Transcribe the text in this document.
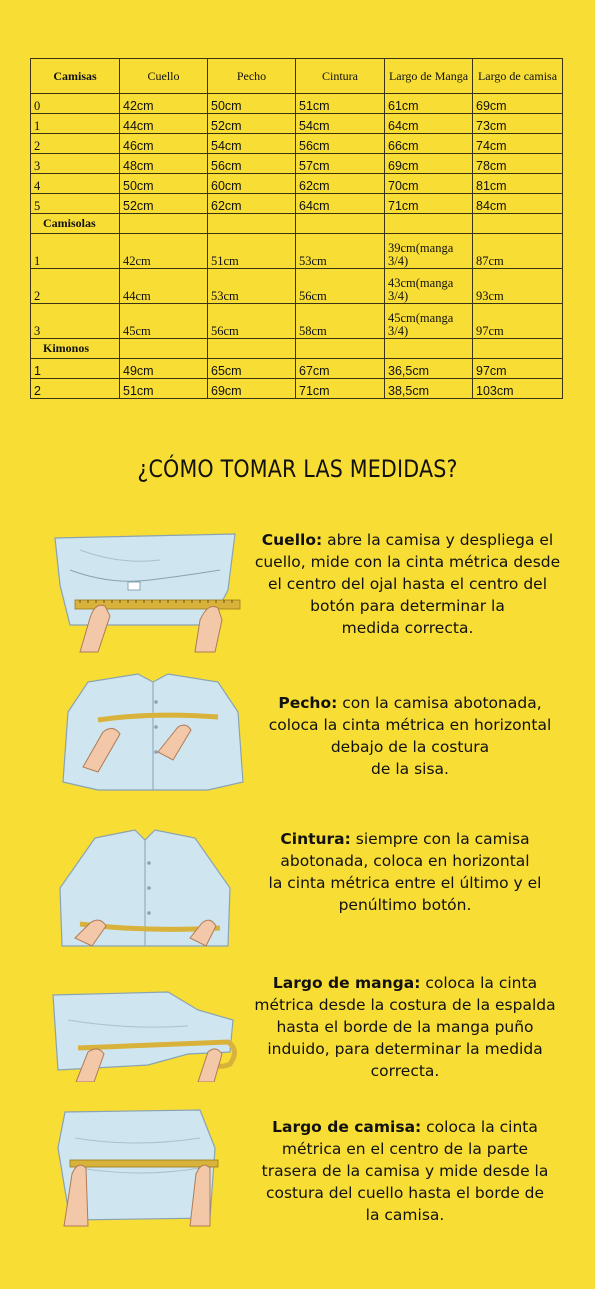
Camisas	Cuello	Pecho	Cintura	Largo de Manga	Largo de camisa
0	42cm	50cm	51cm	61cm	69cm
1	44cm	52cm	54cm	64cm	73cm
2	46cm	54cm	56cm	66cm	74cm
3	48cm	56cm	57cm	69cm	78cm
4	50cm	60cm	62cm	70cm	81cm
5	52cm	62cm	64cm	71cm	84cm
Camisolas					
1	42cm	51cm	53cm	39cm(manga 3/4)	87cm
2	44cm	53cm	56cm	43cm(manga 3/4)	93cm
3	45cm	56cm	58cm	45cm(manga 3/4)	97cm
Kimonos					
1	49cm	65cm	67cm	36,5cm	97cm
2	51cm	69cm	71cm	38,5cm	103cm
¿CÓMO TOMAR LAS MEDIDAS?
Cuello: abre la camisa y despliega el
cuello, mide con la cinta métrica desde
el centro del ojal hasta el centro del
botón para determinar la
medida correcta.
Pecho: con la camisa abotonada,
coloca la cinta métrica en horizontal
debajo de la costura
de la sisa.
Cintura: siempre con la camisa
abotonada, coloca en horizontal
la cinta métrica entre el último y el
penúltimo botón.
Largo de manga: coloca la cinta
métrica desde la costura de la espalda
hasta el borde de la manga puño
induido, para determinar la medida
correcta.
Largo de camisa: coloca la cinta
métrica en el centro de la parte
trasera de la camisa y mide desde la
costura del cuello hasta el borde de
la camisa.
